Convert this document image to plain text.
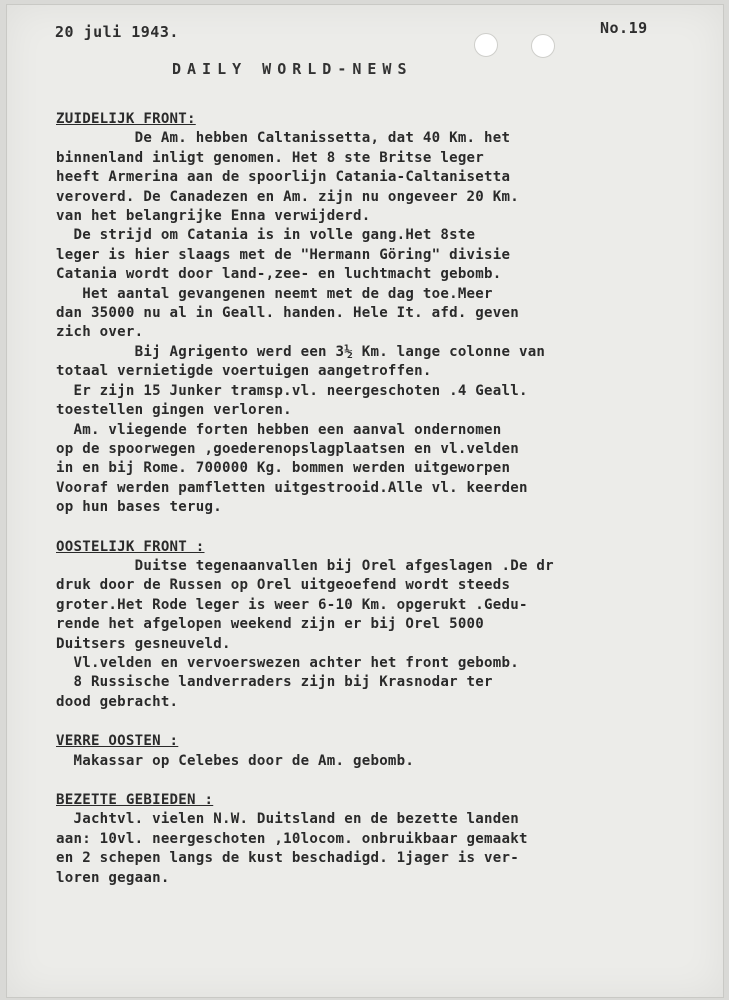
20 juli 1943.	No.19
DAILY WORLD-NEWS
ZUIDELIJK FRONT:
De Am. hebben Caltanissetta, dat 40 Km. het
binnenland inligt genomen. Het 8 ste Britse leger
heeft Armerina aan de spoorlijn Catania-Caltanisetta
veroverd. De Canadezen en Am. zijn nu ongeveer 20 Km.
van het belangrijke Enna verwijderd.
De strijd om Catania is in volle gang.Het 8ste
leger is hier slaags met de "Hermann Göring" divisie
Catania wordt door land-,zee- en luchtmacht gebomb.
Het aantal gevangenen neemt met de dag toe.Meer
dan 35000 nu al in Geall. handen. Hele It. afd. geven
zich over.
Bij Agrigento werd een 3½ Km. lange colonne van
totaal vernietigde voertuigen aangetroffen.
Er zijn 15 Junker tramsp.vl. neergeschoten .4 Geall.
toestellen gingen verloren.
Am. vliegende forten hebben een aanval ondernomen
op de spoorwegen ,goederenopslagplaatsen en vl.velden
in en bij Rome. 700000 Kg. bommen werden uitgeworpen
Vooraf werden pamfletten uitgestrooid.Alle vl. keerden
op hun bases terug.
OOSTELIJK FRONT :
Duitse tegenaanvallen bij Orel afgeslagen .De dr
druk door de Russen op Orel uitgeoefend wordt steeds
groter.Het Rode leger is weer 6-10 Km. opgerukt .Gedu-
rende het afgelopen weekend zijn er bij Orel 5000
Duitsers gesneuveld.
Vl.velden en vervoerswezen achter het front gebomb.
8 Russische landverraders zijn bij Krasnodar ter
dood gebracht.
VERRE OOSTEN :
Makassar op Celebes door de Am. gebomb.
BEZETTE GEBIEDEN :
Jachtvl. vielen N.W. Duitsland en de bezette landen
aan: 10vl. neergeschoten ,10locom. onbruikbaar gemaakt
en 2 schepen langs de kust beschadigd. 1jager is ver-
loren gegaan.
